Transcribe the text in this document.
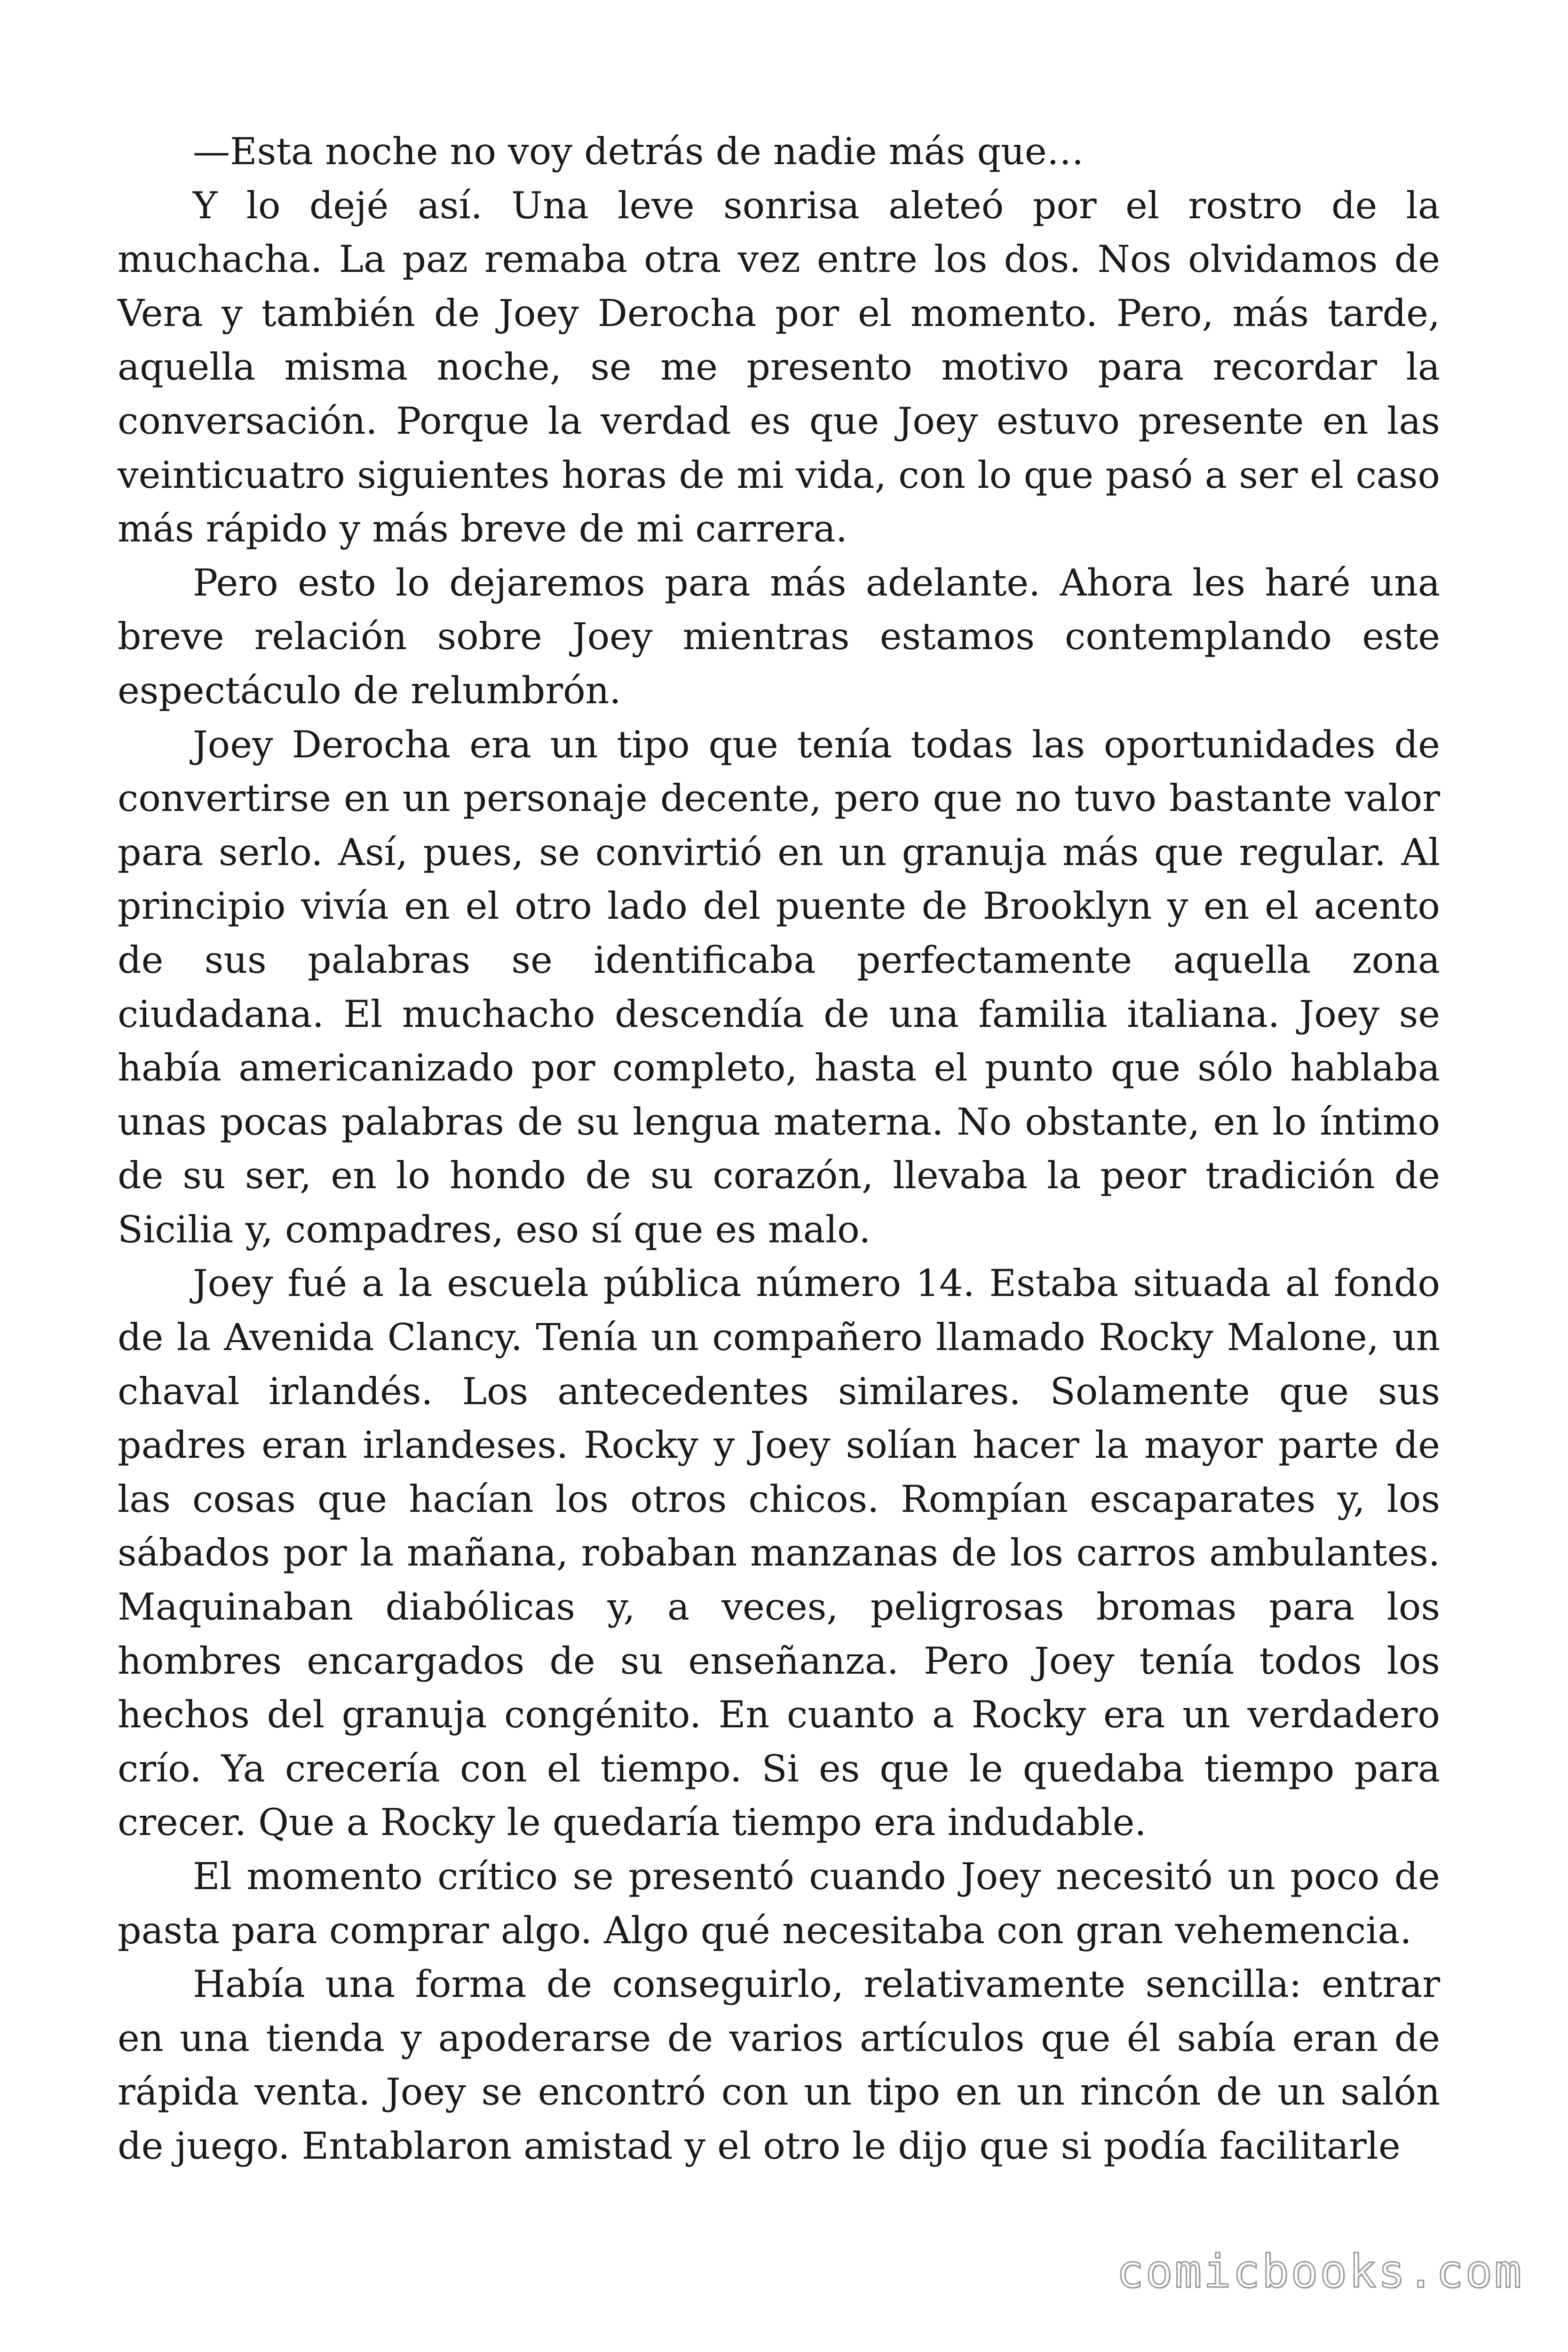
—Esta noche no voy detrás de nadie más que…

Y lo dejé así. Una leve sonrisa aleteó por el rostro de la muchacha. La paz remaba otra vez entre los dos. Nos olvidamos de Vera y también de Joey Derocha por el momento. Pero, más tarde, aquella misma noche, se me presento motivo para recordar la conversación. Porque la verdad es que Joey estuvo presente en las veinticuatro siguientes horas de mi vida, con lo que pasó a ser el caso más rápido y más breve de mi carrera.

Pero esto lo dejaremos para más adelante. Ahora les haré una breve relación sobre Joey mientras estamos contemplando este espectáculo de relumbrón.

Joey Derocha era un tipo que tenía todas las oportunidades de convertirse en un personaje decente, pero que no tuvo bastante valor para serlo. Así, pues, se convirtió en un granuja más que regular. Al principio vivía en el otro lado del puente de Brooklyn y en el acento de sus palabras se identificaba perfectamente aquella zona ciudadana. El muchacho descendía de una familia italiana. Joey se había americanizado por completo, hasta el punto que sólo hablaba unas pocas palabras de su lengua materna. No obstante, en lo íntimo de su ser, en lo hondo de su corazón, llevaba la peor tradición de Sicilia y, compadres, eso sí que es malo.

Joey fué a la escuela pública número 14. Estaba situada al fondo de la Avenida Clancy. Tenía un compañero llamado Rocky Malone, un chaval irlandés. Los antecedentes similares. Solamente que sus padres eran irlandeses. Rocky y Joey solían hacer la mayor parte de las cosas que hacían los otros chicos. Rompían escaparates y, los sábados por la mañana, robaban manzanas de los carros ambulantes. Maquinaban diabólicas y, a veces, peligrosas bromas para los hombres encargados de su enseñanza. Pero Joey tenía todos los hechos del granuja congénito. En cuanto a Rocky era un verdadero crío. Ya crecería con el tiempo. Si es que le quedaba tiempo para crecer. Que a Rocky le quedaría tiempo era indudable.

El momento crítico se presentó cuando Joey necesitó un poco de pasta para comprar algo. Algo qué necesitaba con gran vehemencia.

Había una forma de conseguirlo, relativamente sencilla: entrar en una tienda y apoderarse de varios artículos que él sabía eran de rápida venta. Joey se encontró con un tipo en un rincón de un salón de juego. Entablaron amistad y el otro le dijo que si podía facilitarle

comicbooks.com
